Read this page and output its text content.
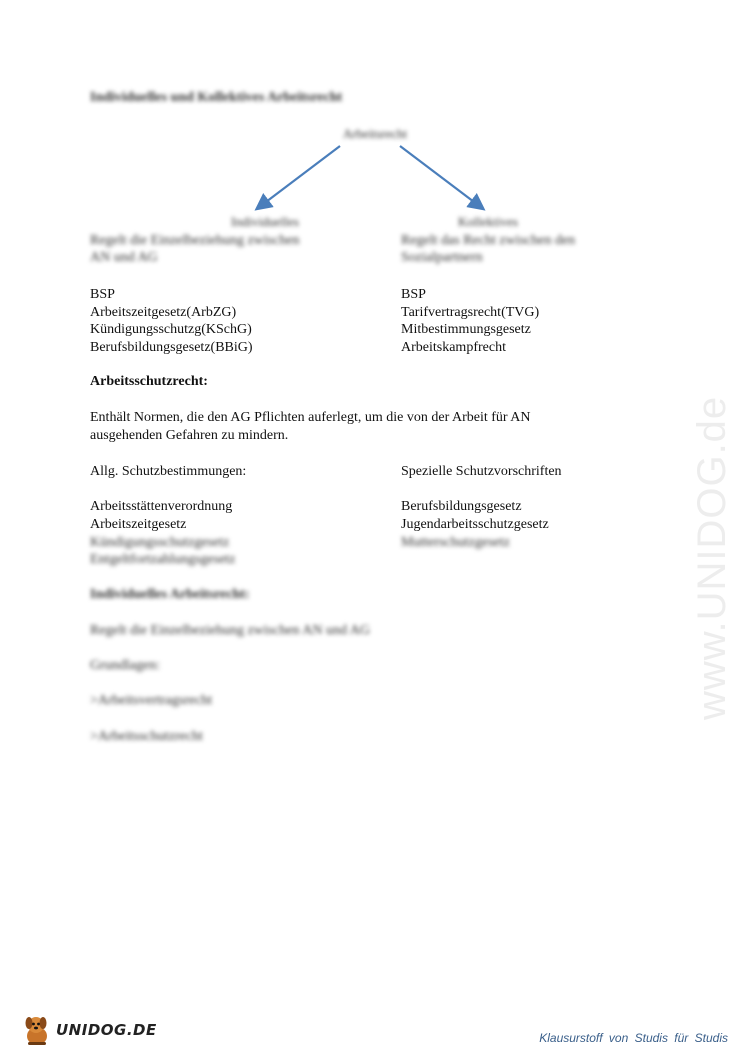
www.UNIDOG.de
Individuelles und Kollektives Arbeitsrecht
Arbeitsrecht
Individuelles
Regelt die Einzelbeziehung zwischen
AN und AG
Kollektives
Regelt das Recht zwischen den
Sozialpartnern
BSP
Arbeitszeitgesetz(ArbZG)
Kündigungsschutzg(KSchG)
Berufsbildungsgesetz(BBiG)
BSP
Tarifvertragsrecht(TVG)
Mitbestimmungsgesetz
Arbeitskampfrecht
Arbeitsschutzrecht:
Enthält Normen, die den AG Pflichten auferlegt, um die von der Arbeit für AN
ausgehenden Gefahren zu mindern.
Allg. Schutzbestimmungen:	Spezielle Schutzvorschriften
Arbeitsstättenverordnung
Arbeitszeitgesetz
Kündigungsschutzgesetz
Entgeltfortzahlungsgesetz
Berufsbildungsgesetz
Jugendarbeitsschutzgesetz
Mutterschutzgesetz
Individuelles Arbeitsrecht:
Regelt die Einzelbeziehung zwischen AN und AG
Grundlagen:
>Arbeitsvertragsrecht
>Arbeitsschutzrecht
UNIDOG.DE	Klausurstoff von Studis für Studis
